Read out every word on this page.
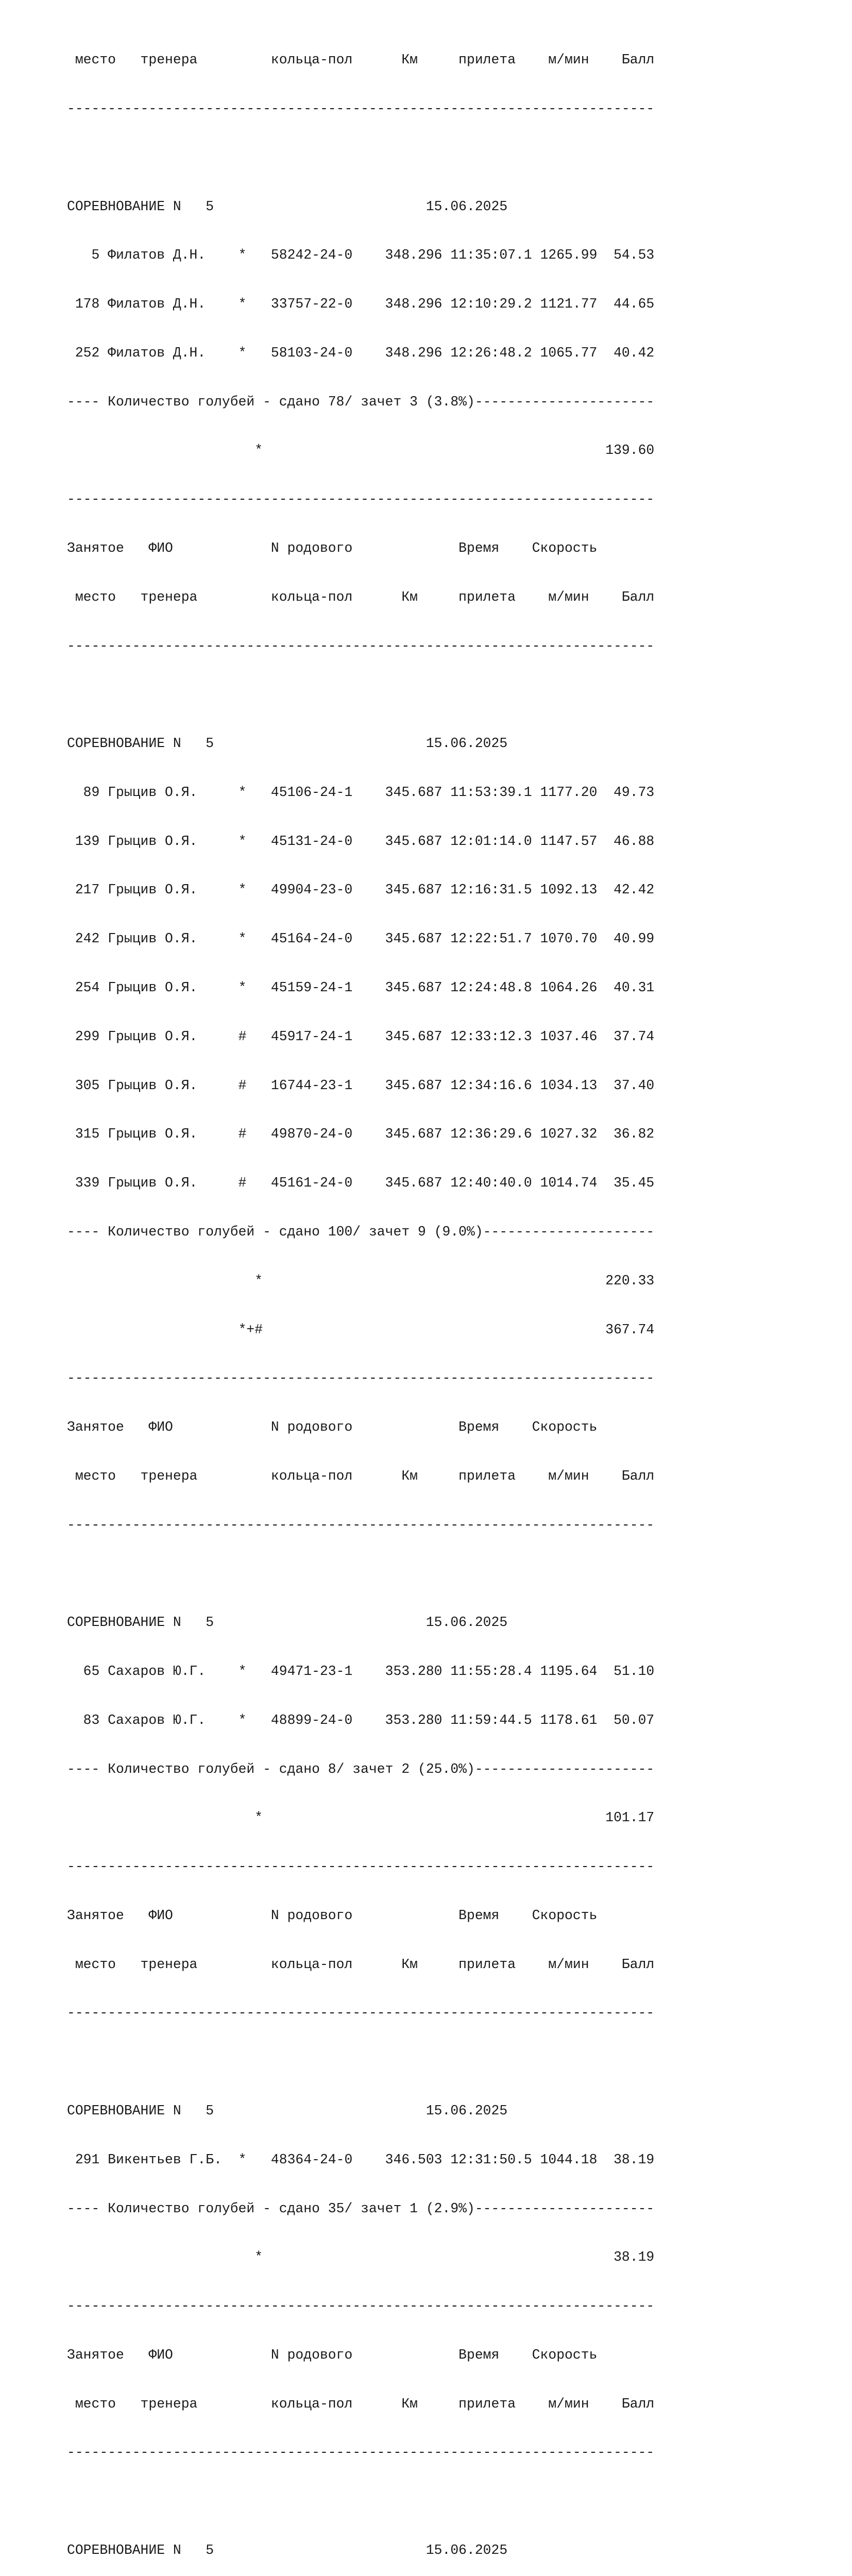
место   тренера         кольца-пол      Км     прилета    м/мин    Балл

------------------------------------------------------------------------

СОРЕВНОВАНИЕ N   5                          15.06.2025

5 Филатов Д.Н.    *   58242-24-0    348.296 11:35:07.1 1265.99  54.53

178 Филатов Д.Н.    *   33757-22-0    348.296 12:10:29.2 1121.77  44.65

252 Филатов Д.Н.    *   58103-24-0    348.296 12:26:48.2 1065.77  40.42

---- Количество голубей - сдано 78/ зачет 3 (3.8%)----------------------

*                                          139.60

------------------------------------------------------------------------

Занятое   ФИО            N родового             Время    Скорость

место   тренера         кольца-пол      Км     прилета    м/мин    Балл

------------------------------------------------------------------------

СОРЕВНОВАНИЕ N   5                          15.06.2025

89 Грыцив О.Я.     *   45106-24-1    345.687 11:53:39.1 1177.20  49.73

139 Грыцив О.Я.     *   45131-24-0    345.687 12:01:14.0 1147.57  46.88

217 Грыцив О.Я.     *   49904-23-0    345.687 12:16:31.5 1092.13  42.42

242 Грыцив О.Я.     *   45164-24-0    345.687 12:22:51.7 1070.70  40.99

254 Грыцив О.Я.     *   45159-24-1    345.687 12:24:48.8 1064.26  40.31

299 Грыцив О.Я.     #   45917-24-1    345.687 12:33:12.3 1037.46  37.74

305 Грыцив О.Я.     #   16744-23-1    345.687 12:34:16.6 1034.13  37.40

315 Грыцив О.Я.     #   49870-24-0    345.687 12:36:29.6 1027.32  36.82

339 Грыцив О.Я.     #   45161-24-0    345.687 12:40:40.0 1014.74  35.45

---- Количество голубей - сдано 100/ зачет 9 (9.0%)---------------------

*                                          220.33

*+#                                          367.74

------------------------------------------------------------------------

Занятое   ФИО            N родового             Время    Скорость

место   тренера         кольца-пол      Км     прилета    м/мин    Балл

------------------------------------------------------------------------

СОРЕВНОВАНИЕ N   5                          15.06.2025

65 Сахаров Ю.Г.    *   49471-23-1    353.280 11:55:28.4 1195.64  51.10

83 Сахаров Ю.Г.    *   48899-24-0    353.280 11:59:44.5 1178.61  50.07

---- Количество голубей - сдано 8/ зачет 2 (25.0%)----------------------

*                                          101.17

------------------------------------------------------------------------

Занятое   ФИО            N родового             Время    Скорость

место   тренера         кольца-пол      Км     прилета    м/мин    Балл

------------------------------------------------------------------------

СОРЕВНОВАНИЕ N   5                          15.06.2025

291 Викентьев Г.Б.  *   48364-24-0    346.503 12:31:50.5 1044.18  38.19

---- Количество голубей - сдано 35/ зачет 1 (2.9%)----------------------

*                                           38.19

------------------------------------------------------------------------

Занятое   ФИО            N родового             Время    Скорость

место   тренера         кольца-пол      Км     прилета    м/мин    Балл

------------------------------------------------------------------------

СОРЕВНОВАНИЕ N   5                          15.06.2025
